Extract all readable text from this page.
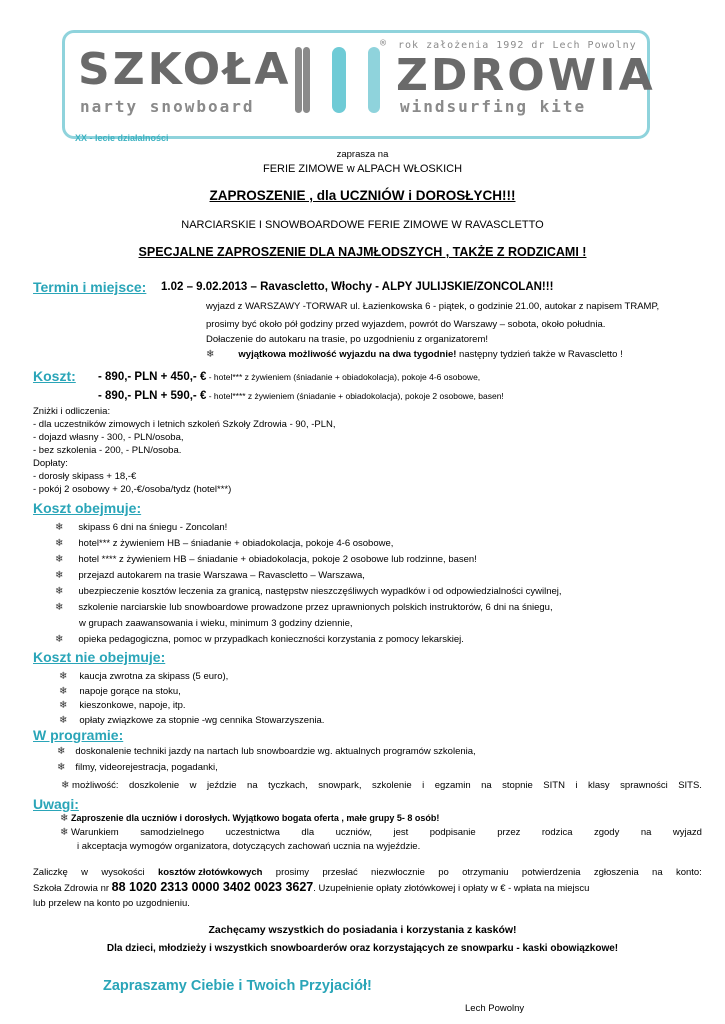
SZKOŁA
narty snowboard
® rok założenia 1992 dr Lech Powolny
ZDROWIA
windsurfing kite
XX - lecie działalności
zaprasza na
FERIE ZIMOWE w ALPACH WŁOSKICH
ZAPROSZENIE , dla UCZNIÓW i DOROSŁYCH!!!
NARCIARSKIE I SNOWBOARDOWE FERIE ZIMOWE W RAVASCLETTO
SPECJALNE ZAPROSZENIE DLA NAJMŁODSZYCH , TAKŻE Z RODZICAMI !
Termin i miejsce: 1.02 – 9.02.2013 – Ravascletto, Włochy - ALPY JULIJSKIE/ZONCOLAN!!!
wyjazd z WARSZAWY -TORWAR ul. Łazienkowska 6 - piątek, o godzinie 21.00, autokar z napisem TRAMP,
prosimy być około pół godziny przed wyjazdem, powrót do Warszawy – sobota, około południa.
Dołaczenie do autokaru na trasie, po uzgodnieniu z organizatorem!
❄	wyjątkowa możliwość wyjazdu na dwa tygodnie! następny tydzień także w Ravascletto !
Koszt: - 890,- PLN + 450,- € - hotel*** z żywieniem (śniadanie + obiadokolacja), pokoje 4-6 osobowe,
- 890,- PLN + 590,- € - hotel**** z żywieniem (śniadanie + obiadokolacja), pokoje 2 osobowe, basen!
Zniżki i odliczenia:
- dla uczestników zimowych i letnich szkoleń Szkoły Zdrowia - 90, -PLN,
- dojazd własny - 300, - PLN/osoba,
- bez szkolenia - 200, - PLN/osoba.
Dopłaty:
- dorosły skipass + 18,-€
- pokój 2 osobowy + 20,-€/osoba/tydz (hotel***)
Koszt obejmuje:
❄ skipass 6 dni na śniegu - Zoncolan!
❄ hotel*** z żywieniem HB – śniadanie + obiadokolacja, pokoje 4-6 osobowe,
❄ hotel **** z żywieniem HB – śniadanie + obiadokolacja, pokoje 2 osobowe lub rodzinne, basen!
❄ przejazd autokarem na trasie Warszawa – Ravascletto – Warszawa,
❄ ubezpieczenie kosztów leczenia za granicą, następstw nieszczęśliwych wypadków i od odpowiedzialności cywilnej,
❄ szkolenie narciarskie lub snowboardowe prowadzone przez uprawnionych polskich instruktorów, 6 dni na śniegu,
w grupach zaawansowania i wieku, minimum 3 godziny dziennie,
❄ opieka pedagogiczna, pomoc w przypadkach konieczności korzystania z pomocy lekarskiej.
Koszt nie obejmuje:
❄ kaucja zwrotna za skipass (5 euro),
❄ napoje gorące na stoku,
❄ kieszonkowe, napoje, itp.
❄ opłaty związkowe za stopnie -wg cennika Stowarzyszenia.
W programie:
❄ doskonalenie techniki jazdy na nartach lub snowboardzie wg. aktualnych programów szkolenia,
❄ filmy, videorejestracja, pogadanki,
❄ możliwość: doszkolenie w jeździe na tyczkach, snowpark, szkolenie i egzamin na stopnie SITN i klasy sprawności SITS.
Uwagi:
❄ Zaproszenie dla uczniów i dorosłych. Wyjątkowo bogata oferta , małe grupy 5- 8 osób!
❄ Warunkiem samodzielnego uczestnictwa dla uczniów, jest podpisanie przez rodzica zgody na wyjazd
i akceptacja wymogów organizatora, dotyczących zachowań ucznia na wyjeździe.
Zaliczkę w wysokości kosztów złotówkowych prosimy przesłać niezwłocznie po otrzymaniu potwierdzenia zgłoszenia na konto:
Szkoła Zdrowia nr 88 1020 2313 0000 3402 0023 3627. Uzupełnienie opłaty złotówkowej i opłaty w € - wpłata na miejscu
lub przelew na konto po uzgodnieniu.
Zachęcamy wszystkich do posiadania i korzystania z kasków!
Dla dzieci, młodzieży i wszystkich snowboarderów oraz korzystających ze snowparku - kaski obowiązkowe!
Zapraszamy Ciebie i Twoich Przyjaciół!
Lech Powolny
